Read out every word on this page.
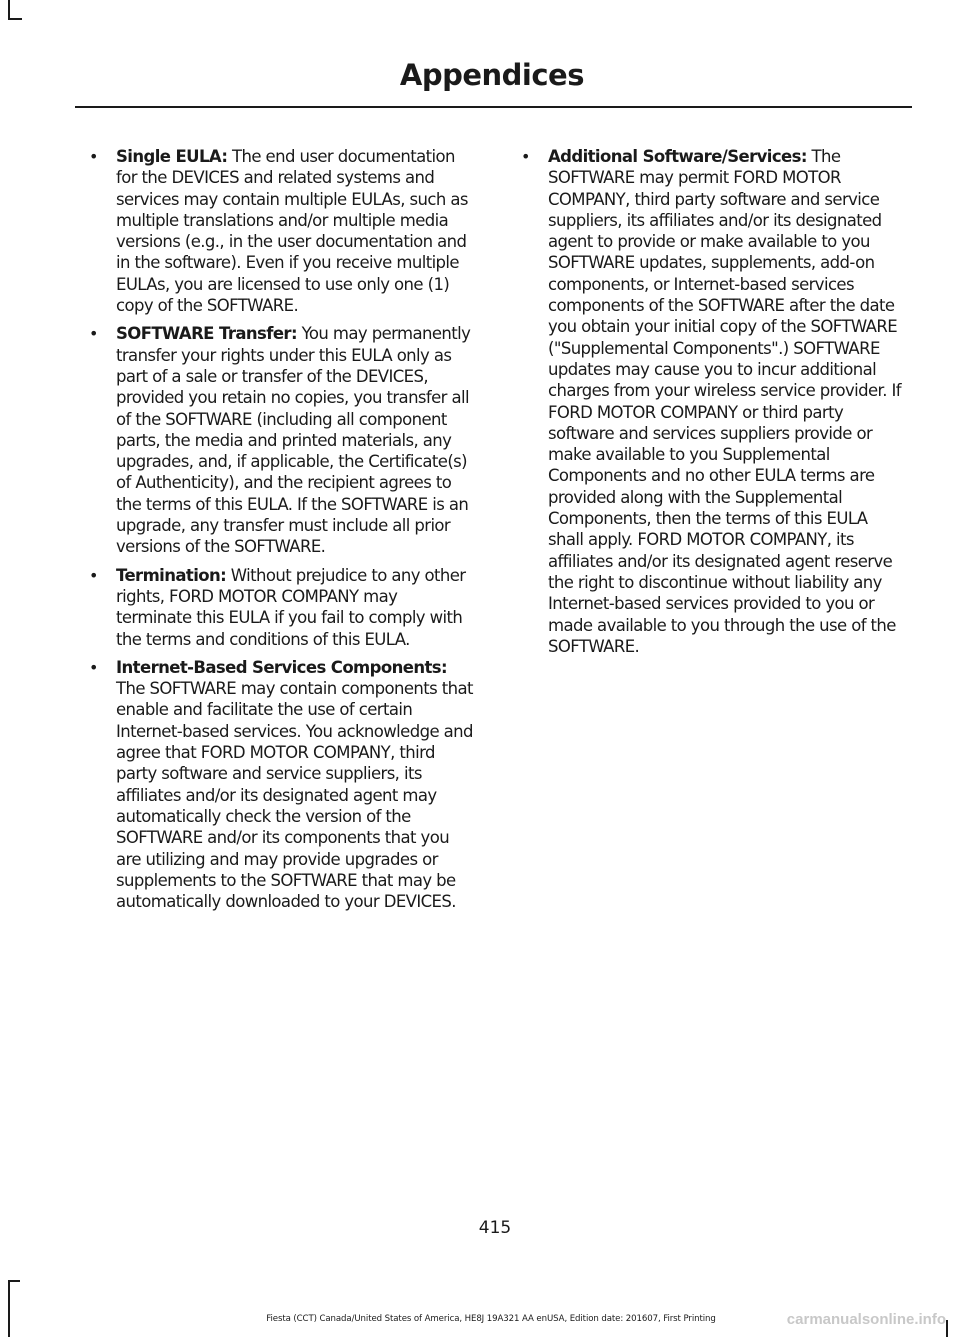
Appendices
• Single EULA: The end user documentation for the DEVICES and related systems and services may contain multiple EULAs, such as multiple translations and/or multiple media versions (e.g., in the user documentation and in the software). Even if you receive multiple EULAs, you are licensed to use only one (1) copy of the SOFTWARE.
• SOFTWARE Transfer: You may permanently transfer your rights under this EULA only as part of a sale or transfer of the DEVICES, provided you retain no copies, you transfer all of the SOFTWARE (including all component parts, the media and printed materials, any upgrades, and, if applicable, the Certificate(s) of Authenticity), and the recipient agrees to the terms of this EULA. If the SOFTWARE is an upgrade, any transfer must include all prior versions of the SOFTWARE.
• Termination: Without prejudice to any other rights, FORD MOTOR COMPANY may terminate this EULA if you fail to comply with the terms and conditions of this EULA.
• Internet-Based Services Components: The SOFTWARE may contain components that enable and facilitate the use of certain Internet-based services. You acknowledge and agree that FORD MOTOR COMPANY, third party software and service suppliers, its affiliates and/or its designated agent may automatically check the version of the SOFTWARE and/or its components that you are utilizing and may provide upgrades or supplements to the SOFTWARE that may be automatically downloaded to your DEVICES.
• Additional Software/Services: The SOFTWARE may permit FORD MOTOR COMPANY, third party software and service suppliers, its affiliates and/or its designated agent to provide or make available to you SOFTWARE updates, supplements, add-on components, or Internet-based services components of the SOFTWARE after the date you obtain your initial copy of the SOFTWARE ("Supplemental Components".) SOFTWARE updates may cause you to incur additional charges from your wireless service provider. If FORD MOTOR COMPANY or third party software and services suppliers provide or make available to you Supplemental Components and no other EULA terms are provided along with the Supplemental Components, then the terms of this EULA shall apply. FORD MOTOR COMPANY, its affiliates and/or its designated agent reserve the right to discontinue without liability any Internet-based services provided to you or made available to you through the use of the SOFTWARE.
415
Fiesta (CCT) Canada/United States of America, HE8J 19A321 AA enUSA, Edition date: 201607, First Printing	carmanualsonline.info
